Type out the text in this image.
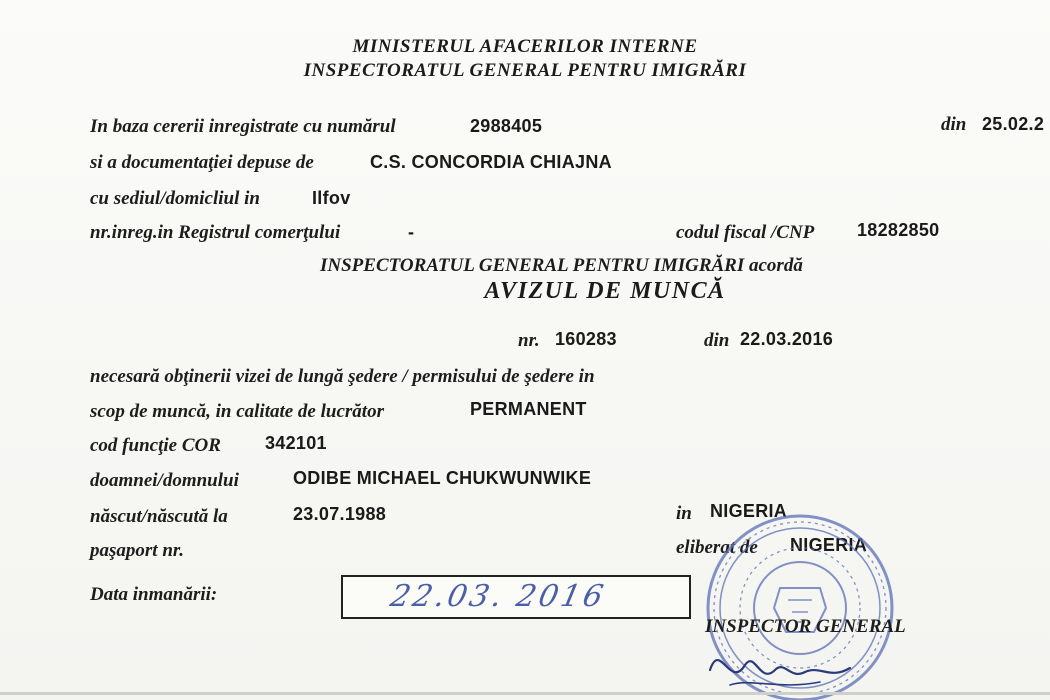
MINISTERUL AFACERILOR INTERNE
INSPECTORATUL GENERAL PENTRU IMIGRĂRI
In baza cererii inregistrate cu numărul	2988405	din 25.02.2
si a documentaţiei depuse de	C.S. CONCORDIA CHIAJNA
cu sediul/domicliul in	Ilfov
nr.inreg.in Registrul comerţului	-	codul fiscal /CNP 18282850
INSPECTORATUL GENERAL PENTRU IMIGRĂRI acordă
AVIZUL DE MUNCĂ
nr. 160283	din 22.03.2016
necesară obţinerii vizei de lungă şedere / permisului de şedere in
scop de muncă, in calitate de lucrător	PERMANENT
cod funcţie COR 342101
doamnei/domnului	ODIBE MICHAEL CHUKWUNWIKE
născut/născută la	23.07.1988	in NIGERIA
paşaport nr.	eliberat de NIGERIA
Data inmanării:	22.03. 2016
INSPECTOR GENERAL
